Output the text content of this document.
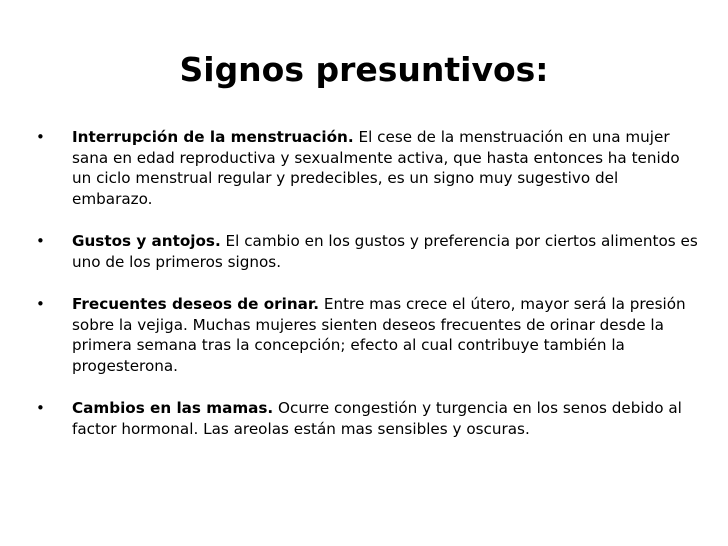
Signos presuntivos:
• Interrupción de la menstruación. El cese de la menstruación en una mujer sana en edad reproductiva y sexualmente activa, que hasta entonces ha tenido un ciclo menstrual regular y predecibles, es un signo muy sugestivo del embarazo.
• Gustos y antojos. El cambio en los gustos y preferencia por ciertos alimentos es uno de los primeros signos.
• Frecuentes deseos de orinar. Entre mas crece el útero, mayor será la presión sobre la vejiga. Muchas mujeres sienten deseos frecuentes de orinar desde la primera semana tras la concepción; efecto al cual contribuye también la progesterona.
• Cambios en las mamas. Ocurre congestión y turgencia en los senos debido al factor hormonal. Las areolas están mas sensibles y oscuras.
